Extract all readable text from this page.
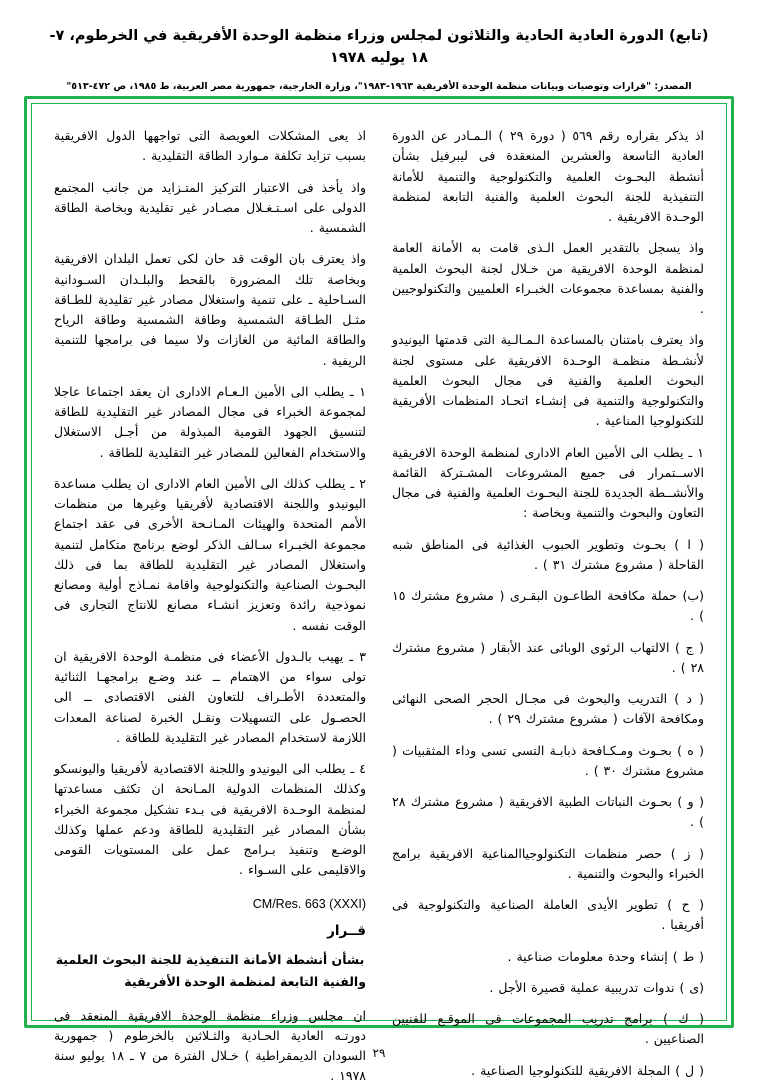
(تابع) الدورة العادية الحادية والثلاثون لمجلس وزراء منظمة الوحدة الأفريقية في الخرطوم، ٧- ١٨ يوليه ١٩٧٨
المصدر: "قرارات وتوصيات وبيانات منظمة الوحدة الأفريقية ١٩٦٣-١٩٨٣"، وزارة الخارجية، جمهورية مصر العربية، ط ١٩٨٥، ص ٤٧٢-٥١٣"

اذ يذكر بقراره رقم ٥٦٩ ( دورة ٢٩ ) الـمـادر عن الدورة العادية التاسعة والعشرين المنعقدة فى ليبرفيل بشأن أنشطة البحـوث العلمية والتكنولوجية والتنمية للأمانة التنفيذية للجنة البحوث العلمية والفنية التابعة لمنظمة الوحـدة الافريقية .

واذ يسجل بالتقدير العمل الـذى قامت به الأمانة العامة لمنظمة الوحدة الافريقية من خـلال لجنة البحوث العلمية والفنية بمساعدة مجموعات الخبـراء العلميين والتكنولوجيين .

واذ يعترف بامتنان بالمساعدة الـمـالـية التى قدمتها اليونيدو لأنشـطة منظمـة الوحـدة الافريقية على مستوى لجنة البحوث العلمية والفنية فى مجال البحوث العلمية والتكنولوجية والتنمية فى إنشـاء اتحـاد المنظمات الأفريقية للتكنولوجيا المناعية .

١ ـ يطلب الى الأمين العام الادارى لمنظمة الوحدة الافريقية الاســتمرار فى جميع المشروعات المشـتركة القائمة والأنشــطة الجديدة للجنة البحـوث العلمية والفنية فى مجال التعاون والبحوث والتنمية وبخاصة :

( ا ) بحـوث وتطوير الحبوب الغذائية فى المناطق شبه القاحلة ( مشروع مشترك ٣١ ) .

(ب) حملة مكافحة الطاعـون البقـرى ( مشروع مشترك ١٥ ) .

( ج ) الالتهاب الرئوى الوبائى عند الأبقار ( مشروع مشترك ٢٨ ) .

( د ) التدريب والبحوث فى مجـال الحجر الصحى النهائى ومكافحة الآفات ( مشروع مشترك ٢٩ ) .

( ه ) بحـوث ومـكـافحة ذبابـة التسى تسى وداء المثقبيات ( مشروع مشترك ٣٠ ) .

( و ) بحـوث النباتات الطبية الافريقية ( مشروع مشترك ٢٨ ) .

( ز ) حصر منظمات التكنولوجياالمناعية الافريقية برامج الخبراء والبحوث والتنمية .

( ح ) تطوير الأيدى العاملة الصناعية والتكنولوجية فى أفريقيا .

( ط ) إنشاء وحدة معلومات صناعية .

(ى ) ندوات تدريبية عملية قصيرة الأجل .

( ك ) برامج تدريب المجموعات فى الموقـع للفنيين الصناعيين .

( ل ) المجلة الافريقية للتكنولوجيا الصناعية .

اذ يعى المشكلات العويصة التى تواجهها الدول الافريقية بسبب تزايد تكلفة مـوارد الطاقة التقليدية .

واذ يأخذ فى الاعتبار التركيز المتـزايد من جانب المجتمع الدولى على اسـتـغـلال مصـادر غير تقليدية وبخاصة الطاقة الشمسية .

واذ يعترف بان الوقت قد حان لكى تعمل البلدان الافريقية وبخاصة تلك المضرورة بالقحط والبلـدان السـودانية السـاحلية ـ على تنمية واستغلال مصادر غير تقليدية للطـاقة مثـل الطـاقة الشمسية وطاقة الشمسية وطاقة الرياح والطاقة المائية من الغازات ولا سيما فى برامجها للتنمية الريفية .

١ ـ يطلب الى الأمين الـعـام الادارى ان يعقد اجتماعا عاجلا لمجموعة الخبراء فى مجال المصادر غير التقليدية للطاقة لتنسيق الجهود القومية المبذولة من أجـل الاستغلال والاستخدام الفعالين للمصادر غير التقليدية للطاقة .

٢ ـ يطلب كذلك الى الأمين العام الادارى ان يطلب مساعدة اليونيدو واللجنة الاقتصادية لأفريقيا وغيرها من منظمات الأمم المتحدة والهيئات المـانـحة الأخرى فى عقد اجتماع مجموعة الخبـراء سـالف الذكر لوضع برنامج متكامل لتنمية واستغلال المصادر غير التقليدية للطاقة بما فى ذلك البحـوث الصناعية والتكنولوجية واقامة نمـاذج أولية ومصانع نموذجية رائدة وتعزيز انشـاء مصانع للانتاج التجارى فى الوقت نفسه .

٣ ـ يهيب بالـدول الأعضاء فى منظمـة الوحدة الافريقية ان تولى سواء من الاهتمام ــ عند وضـع برامجهـا الثنائية والمتعددة الأطـراف للتعاون الفنى الاقتصادى ــ الى الحصـول على التسهيلات ونقـل الخبرة لصناعة المعدات اللازمة لاستخدام المصادر غير التقليدية للطاقة .

٤ ـ يطلب الى اليونيدو واللجنة الاقتصادية لأفريقيا واليونسكو وكذلك المنظمات الدولية المـانحة ان تكثف مساعدتها لمنظمة الوحـدة الافريقية فى بـدء تشكيل مجموعة الخبراء بشأن المصادر غير التقليدية للطاقة ودعم عملها وكذلك الوضـع وتنفيذ بـرامج عمل على المستويات القومى والاقليمى على السـواء .

CM/Res. 663 (XXXI)
قــرار
بشأن أنشطة الأمانة التنفيذية للجنة البحوث العلمية والفنية التابعة لمنظمة الوحدة الأفريقية

ان مجلس وزراء منظمة الوحدة الافريقية المنعقد فى دورتـه العادية الحـادية والثـلاثين بالخرطوم ( جمهورية السودان الديمقراطية ) خـلال الفترة من ٧ ـ ١٨ يوليو سنة ١٩٧٨ .

٢٩
